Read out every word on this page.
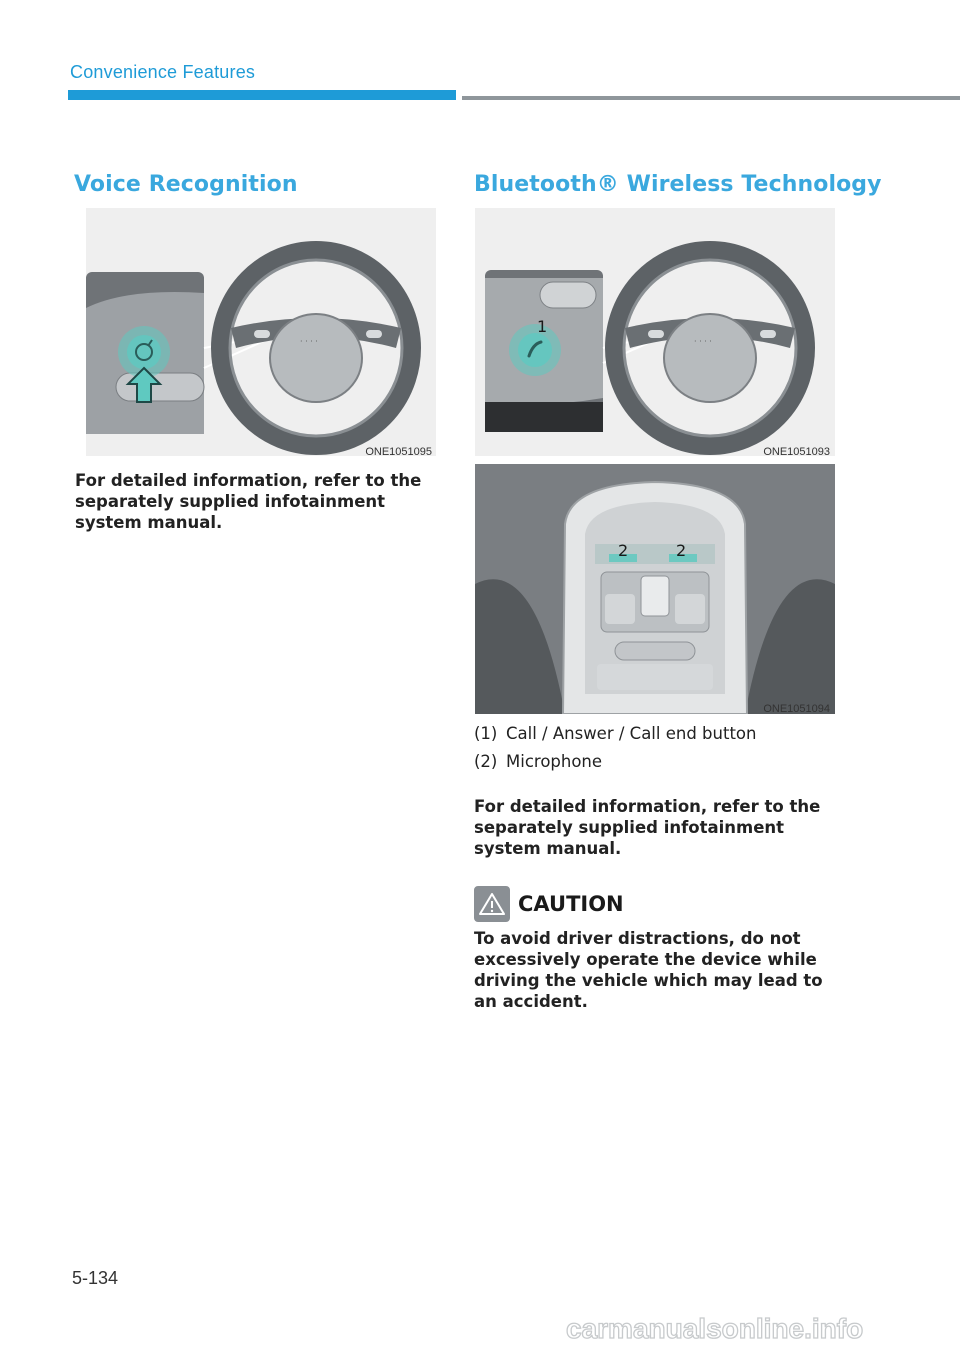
Convenience Features
Voice Recognition
· · · ·
ONE1051095
For detailed information, refer to the separately supplied infotainment system manual.
Bluetooth® Wireless Technology
1
· · · ·
ONE1051093
2	2
ONE1051094
(1) Call / Answer / Call end button
(2) Microphone
For detailed information, refer to the separately supplied infotainment system manual.
CAUTION
To avoid driver distractions, do not excessively operate the device while driving the vehicle which may lead to an accident.
5-134
carmanualsonline.info
